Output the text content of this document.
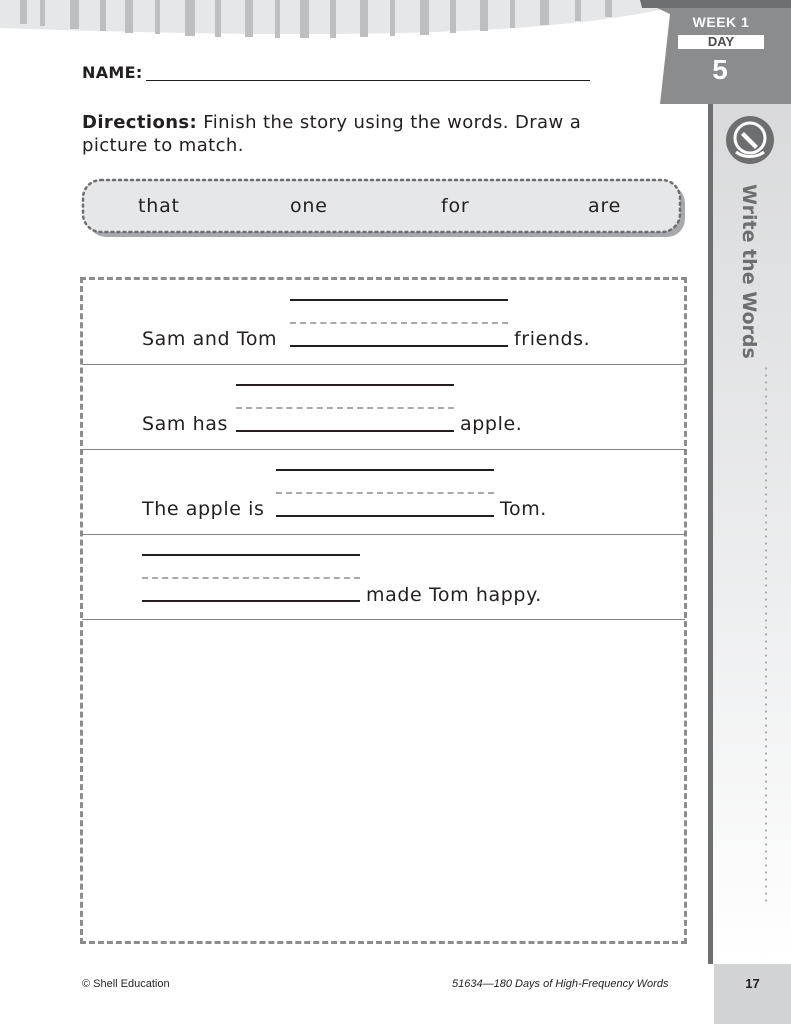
WEEK 1
DAY
5
Write the Words
NAME:
Directions: Finish the story using the words. Draw a
picture to match.
that	one	for	are
Sam and Tom	friends.
Sam has	apple.
The apple is	Tom.
made Tom happy.
© Shell Education	51634—180 Days of High-Frequency Words	17
